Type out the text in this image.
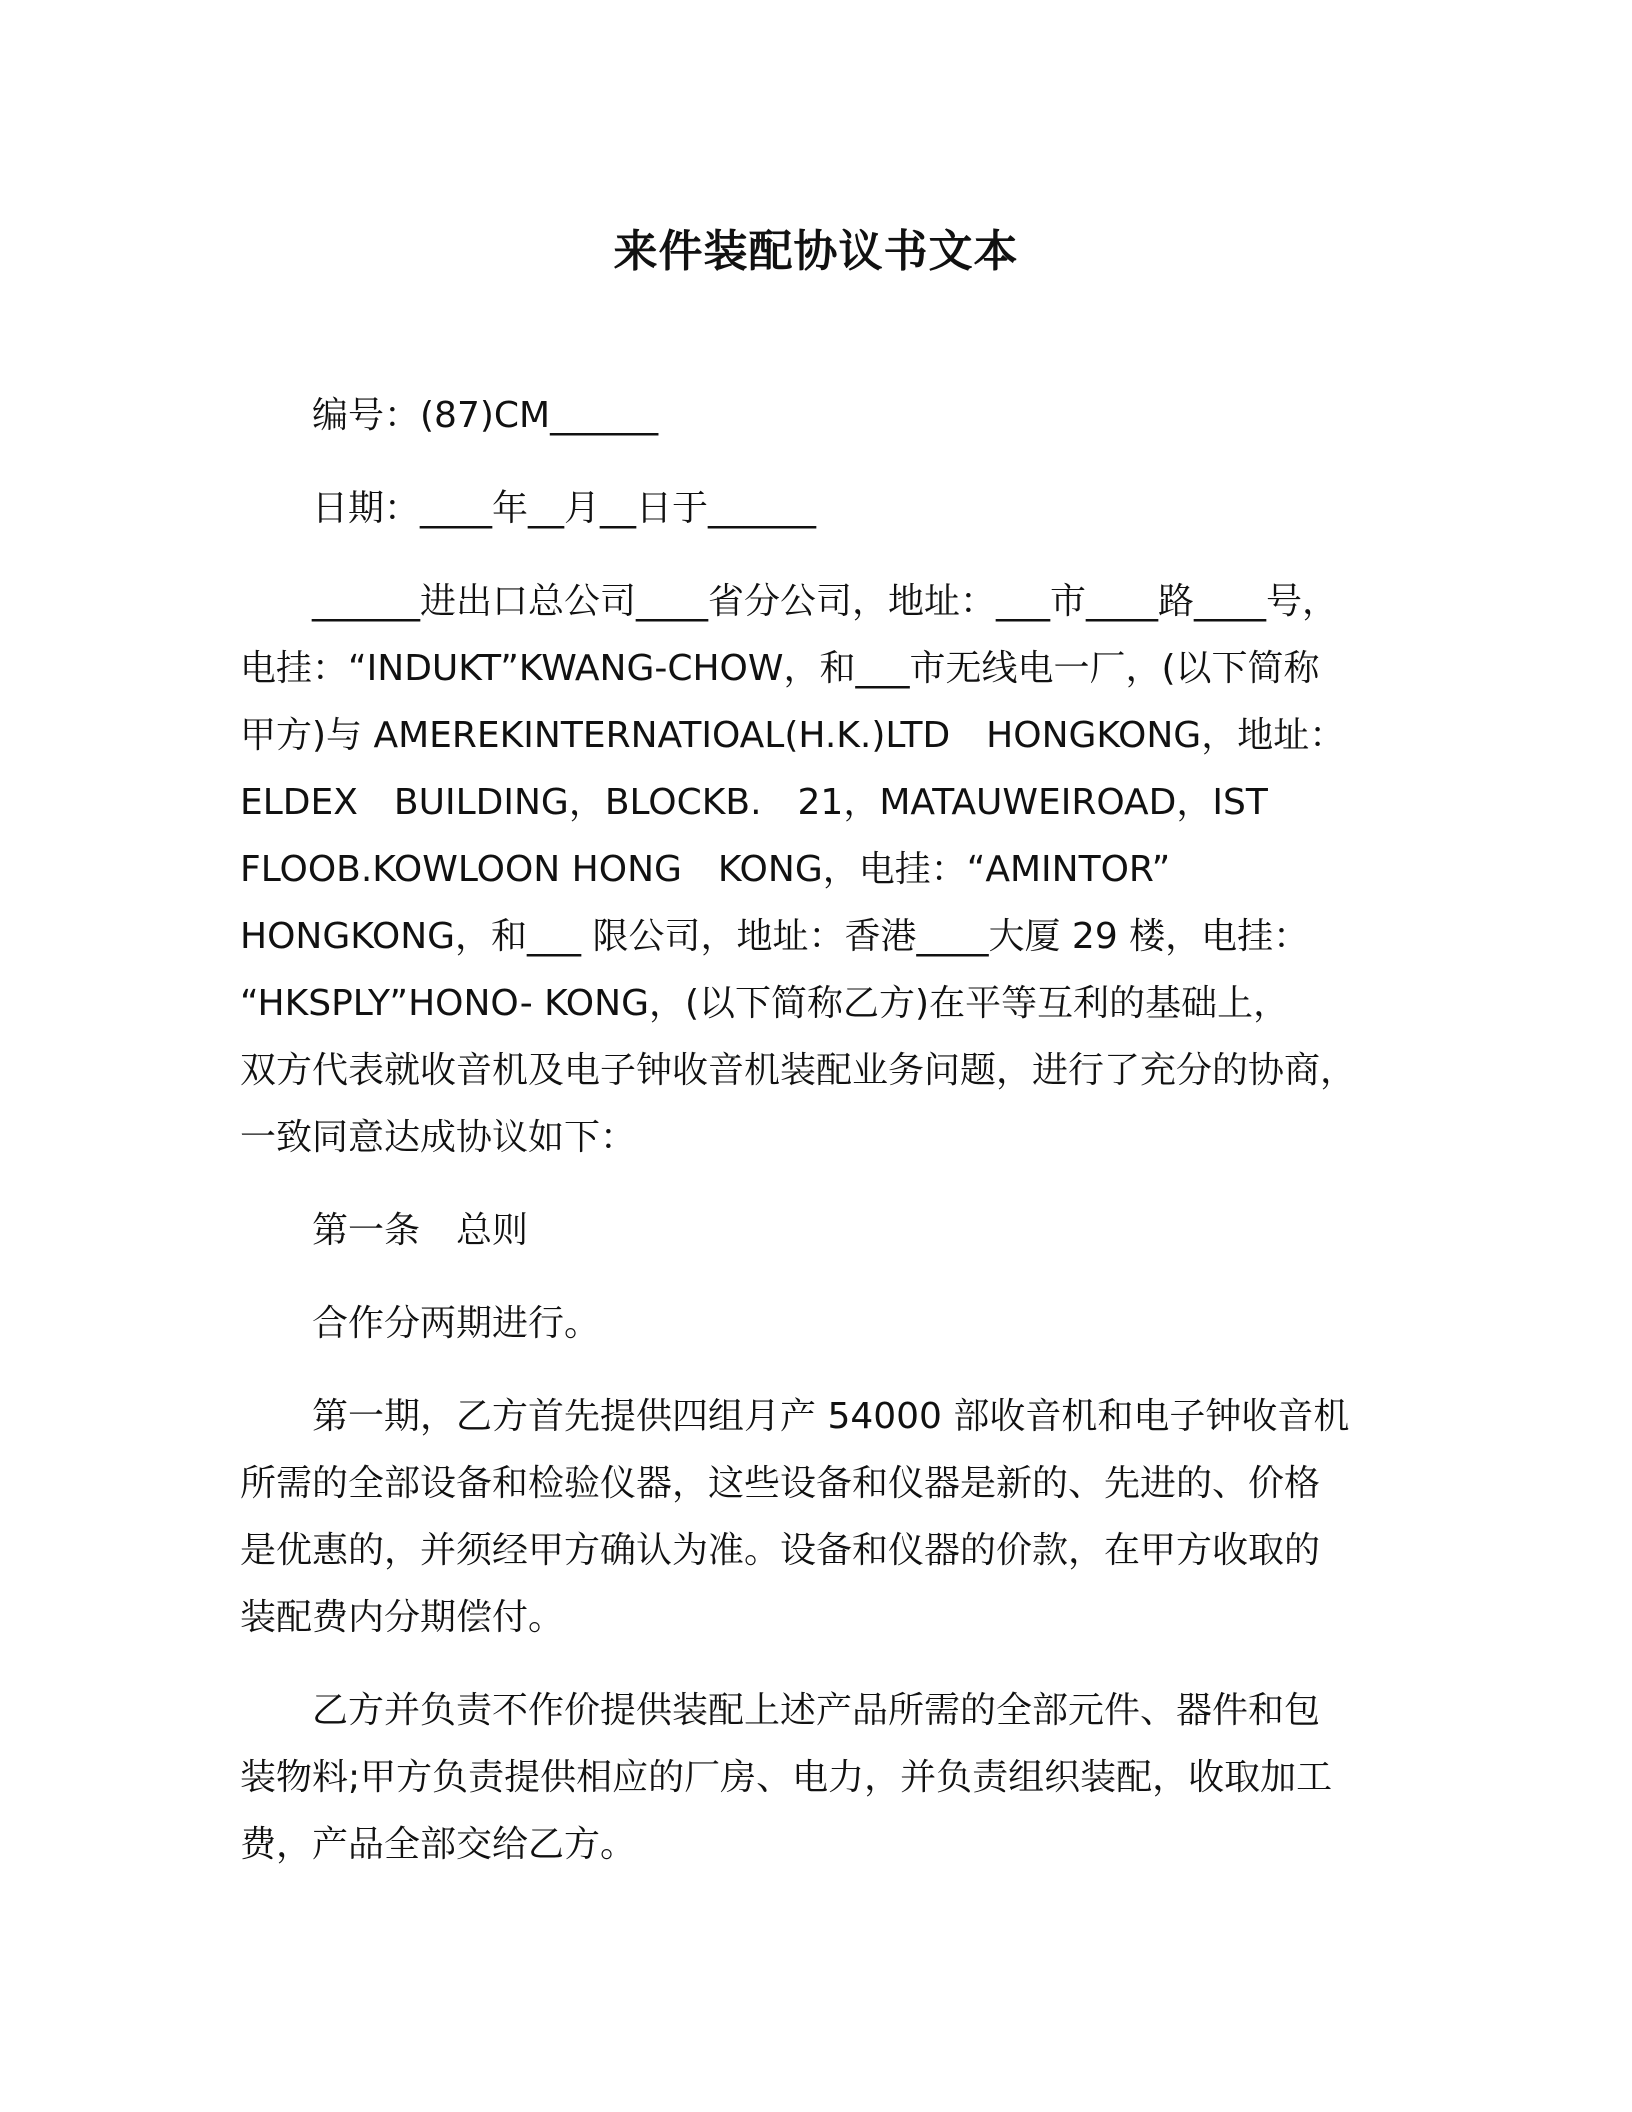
来件装配协议书文本

编号：(87)CM______

日期：____年__月__日于______

______进出口总公司____省分公司，地址：___市____路____号，
电挂：“INDUKT”KWANG-CHOW，和___市无线电一厂，(以下简称
甲方)与 AMEREKINTERNATIOAL(H.K.)LTD　HONGKONG，地址：
ELDEX　BUILDING，BLOCKB.　21，MATAUWEIROAD，IST
FLOOB.KOWLOON HONG　KONG，电挂：“AMINTOR”
HONGKONG，和___ 限公司，地址：香港____大厦 29 楼，电挂：
“HKSPLY”HONO- KONG，(以下简称乙方)在平等互利的基础上，
双方代表就收音机及电子钟收音机装配业务问题，进行了充分的协商，
一致同意达成协议如下：

第一条　总则

合作分两期进行。

第一期，乙方首先提供四组月产 54000 部收音机和电子钟收音机
所需的全部设备和检验仪器，这些设备和仪器是新的、先进的、价格
是优惠的，并须经甲方确认为准。设备和仪器的价款，在甲方收取的
装配费内分期偿付。

乙方并负责不作价提供装配上述产品所需的全部元件、器件和包
装物料;甲方负责提供相应的厂房、电力，并负责组织装配，收取加工
费，产品全部交给乙方。
